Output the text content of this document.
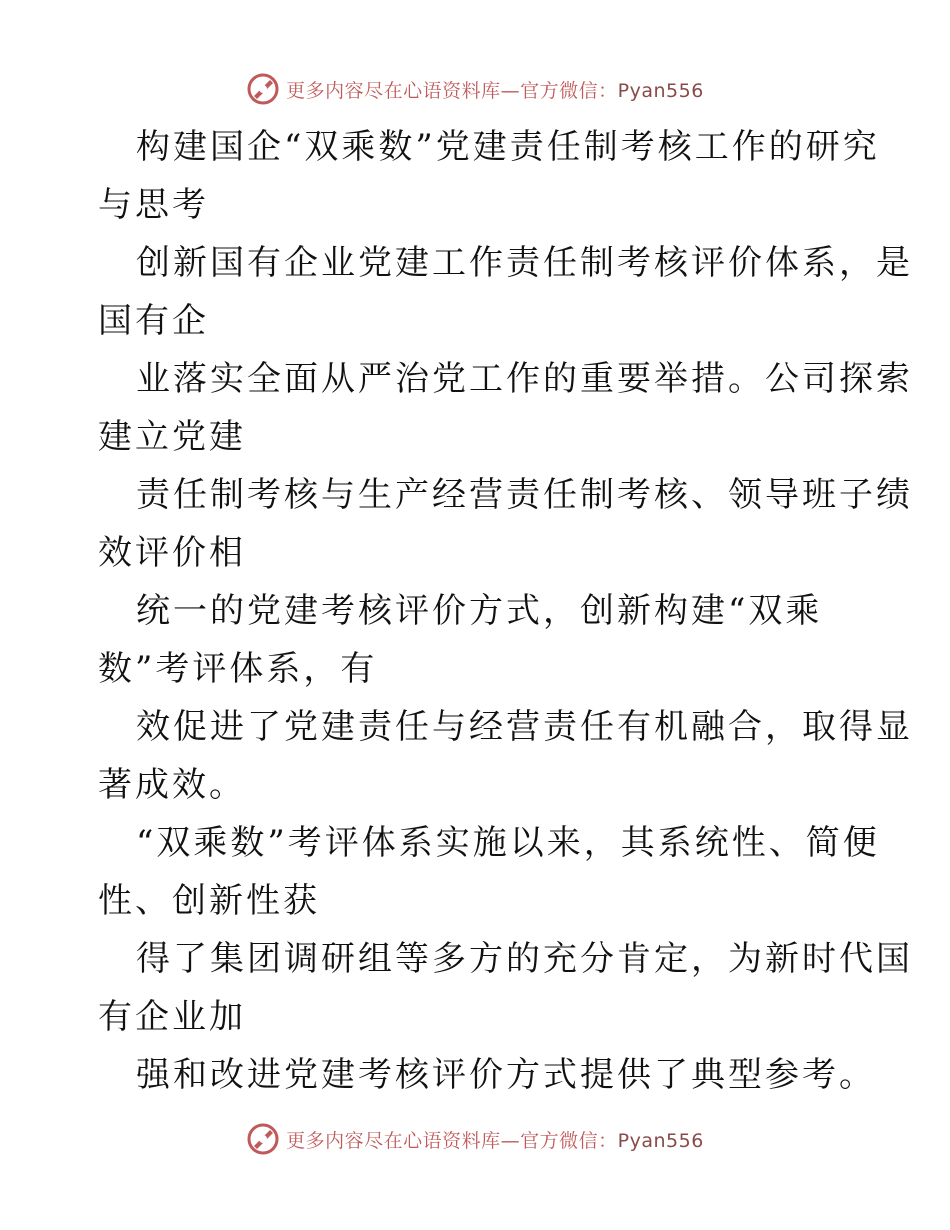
更多内容尽在心语资料库—官方微信：Pyan556

构建国企“双乘数”党建责任制考核工作的研究
与思考

创新国有企业党建工作责任制考核评价体系，是
国有企

业落实全面从严治党工作的重要举措。公司探索
建立党建

责任制考核与生产经营责任制考核、领导班子绩
效评价相

统一的党建考核评价方式，创新构建“双乘
数”考评体系，有

效促进了党建责任与经营责任有机融合，取得显
著成效。

“双乘数”考评体系实施以来，其系统性、简便
性、创新性获

得了集团调研组等多方的充分肯定，为新时代国
有企业加

强和改进党建考核评价方式提供了典型参考。

更多内容尽在心语资料库—官方微信：Pyan556
